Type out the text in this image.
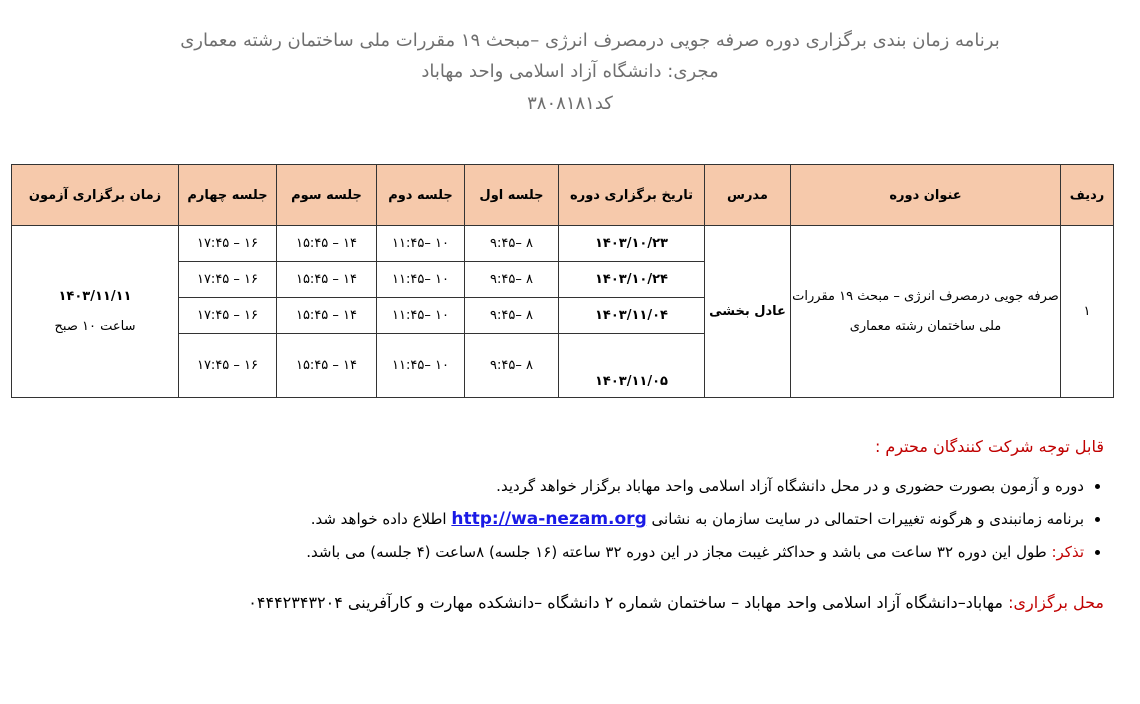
برنامه زمان بندی برگزاری دوره صرفه جویی درمصرف انرژی –مبحث ۱۹ مقررات ملی ساختمان رشته معماری
مجری: دانشگاه آزاد اسلامی واحد مهاباد
کد۳۸۰۸۱۸۱
ردیف	عنوان دوره	مدرس	تاریخ برگزاری دوره	جلسه اول	جلسه دوم	جلسه سوم	جلسه چهارم	زمان برگزاری آزمون
۱	صرفه جویی درمصرف انرژی – مبحث ۱۹ مقررات ملی ساختمان رشته معماری	عادل بخشی	۱۴۰۳/۱۰/۲۳	۸ –۹:۴۵	۱۰ –۱۱:۴۵	۱۴ – ۱۵:۴۵	۱۶ – ۱۷:۴۵	۱۴۰۳/۱۱/۱۱
ساعت ۱۰ صبح

			۱۴۰۳/۱۰/۲۴	۸ –۹:۴۵	۱۰ –۱۱:۴۵	۱۴ – ۱۵:۴۵	۱۶ – ۱۷:۴۵	
			۱۴۰۳/۱۱/۰۴	۸ –۹:۴۵	۱۰ –۱۱:۴۵	۱۴ – ۱۵:۴۵	۱۶ – ۱۷:۴۵	
			۱۴۰۳/۱۱/۰۵	۸ –۹:۴۵	۱۰ –۱۱:۴۵	۱۴ – ۱۵:۴۵	۱۶ – ۱۷:۴۵	
قابل توجه شرکت کنندگان محترم :
• دوره و آزمون بصورت حضوری و در محل دانشگاه آزاد اسلامی واحد مهاباد برگزار خواهد گردید.
• برنامه زمانبندی و هرگونه تغییرات احتمالی در سایت سازمان به نشانی http://wa-nezam.org اطلاع داده خواهد شد.
• تذکر: طول این دوره ۳۲ ساعت می باشد و حداکثر غیبت مجاز در این دوره ۳۲ ساعته (۱۶ جلسه) ۸ساعت (۴ جلسه) می باشد.
محل برگزاری: مهاباد–دانشگاه آزاد اسلامی واحد مهاباد – ساختمان شماره ۲ دانشگاه –دانشکده مهارت و کارآفرینی ۰۴۴۴۲۳۴۳۲۰۴
